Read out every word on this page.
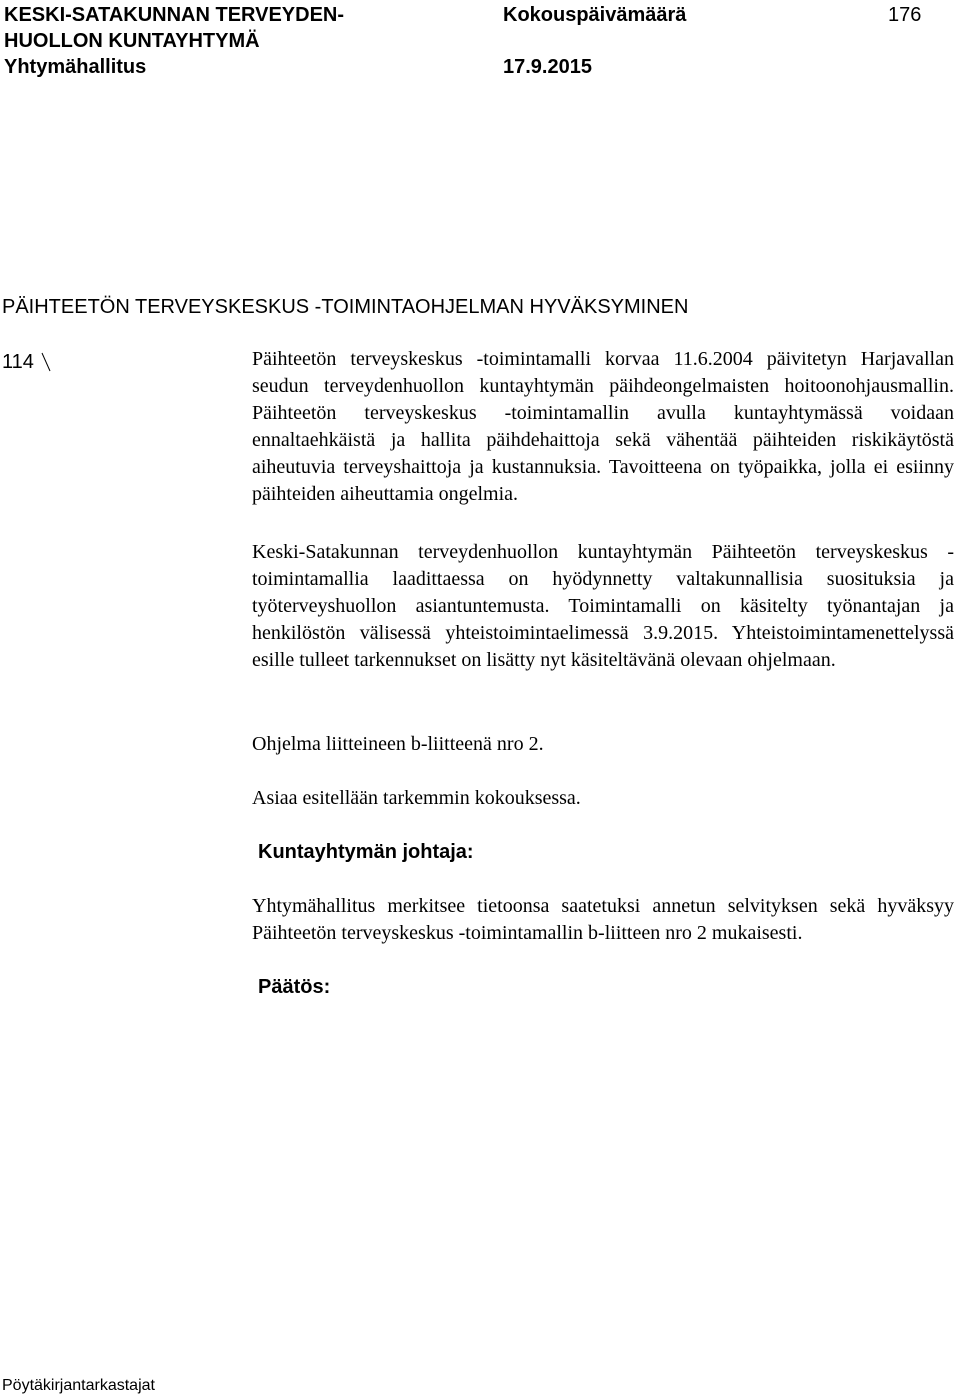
KESKI-SATAKUNNAN TERVEYDEN-
HUOLLON KUNTAYHTYMÄ
Yhtymähallitus
Kokouspäivämäärä
17.9.2015
176
PÄIHTEETÖN TERVEYSKESKUS -TOIMINTAOHJELMAN HYVÄKSYMINEN
114	Päihteetön terveyskeskus -toimintamalli korvaa 11.6.2004 päivitetyn Harjavallan seudun terveydenhuollon kuntayhtymän päihdeongelmaisten hoitoonohjausmallin. Päihteetön terveyskeskus -toimintamallin avulla kuntayhtymässä voidaan ennaltaehkäistä ja hallita päihdehaittoja sekä vähentää päihteiden riskikäytöstä aiheutuvia terveyshaittoja ja kustannuksia. Tavoitteena on työpaikka, jolla ei esiinny päihteiden aiheuttamia ongelmia.

Keski-Satakunnan terveydenhuollon kuntayhtymän Päihteetön terveyskeskus -toimintamallia laadittaessa on hyödynnetty valtakunnallisia suosituksia ja työterveyshuollon asiantuntemusta. Toimintamalli on käsitelty työnantajan ja henkilöstön välisessä yhteistoimintaelimessä 3.9.2015. Yhteistoimintamenettelyssä esille tulleet tarkennukset on lisätty nyt käsiteltävänä olevaan ohjelmaan.

Ohjelma liitteineen b-liitteenä nro 2.

Asiaa esitellään tarkemmin kokouksessa.

Kuntayhtymän johtaja:

Yhtymähallitus merkitsee tietoonsa saatetuksi annetun selvityksen sekä hyväksyy Päihteetön terveyskeskus -toimintamallin b-liitteen nro 2 mukaisesti.

Päätös:
Pöytäkirjantarkastajat
